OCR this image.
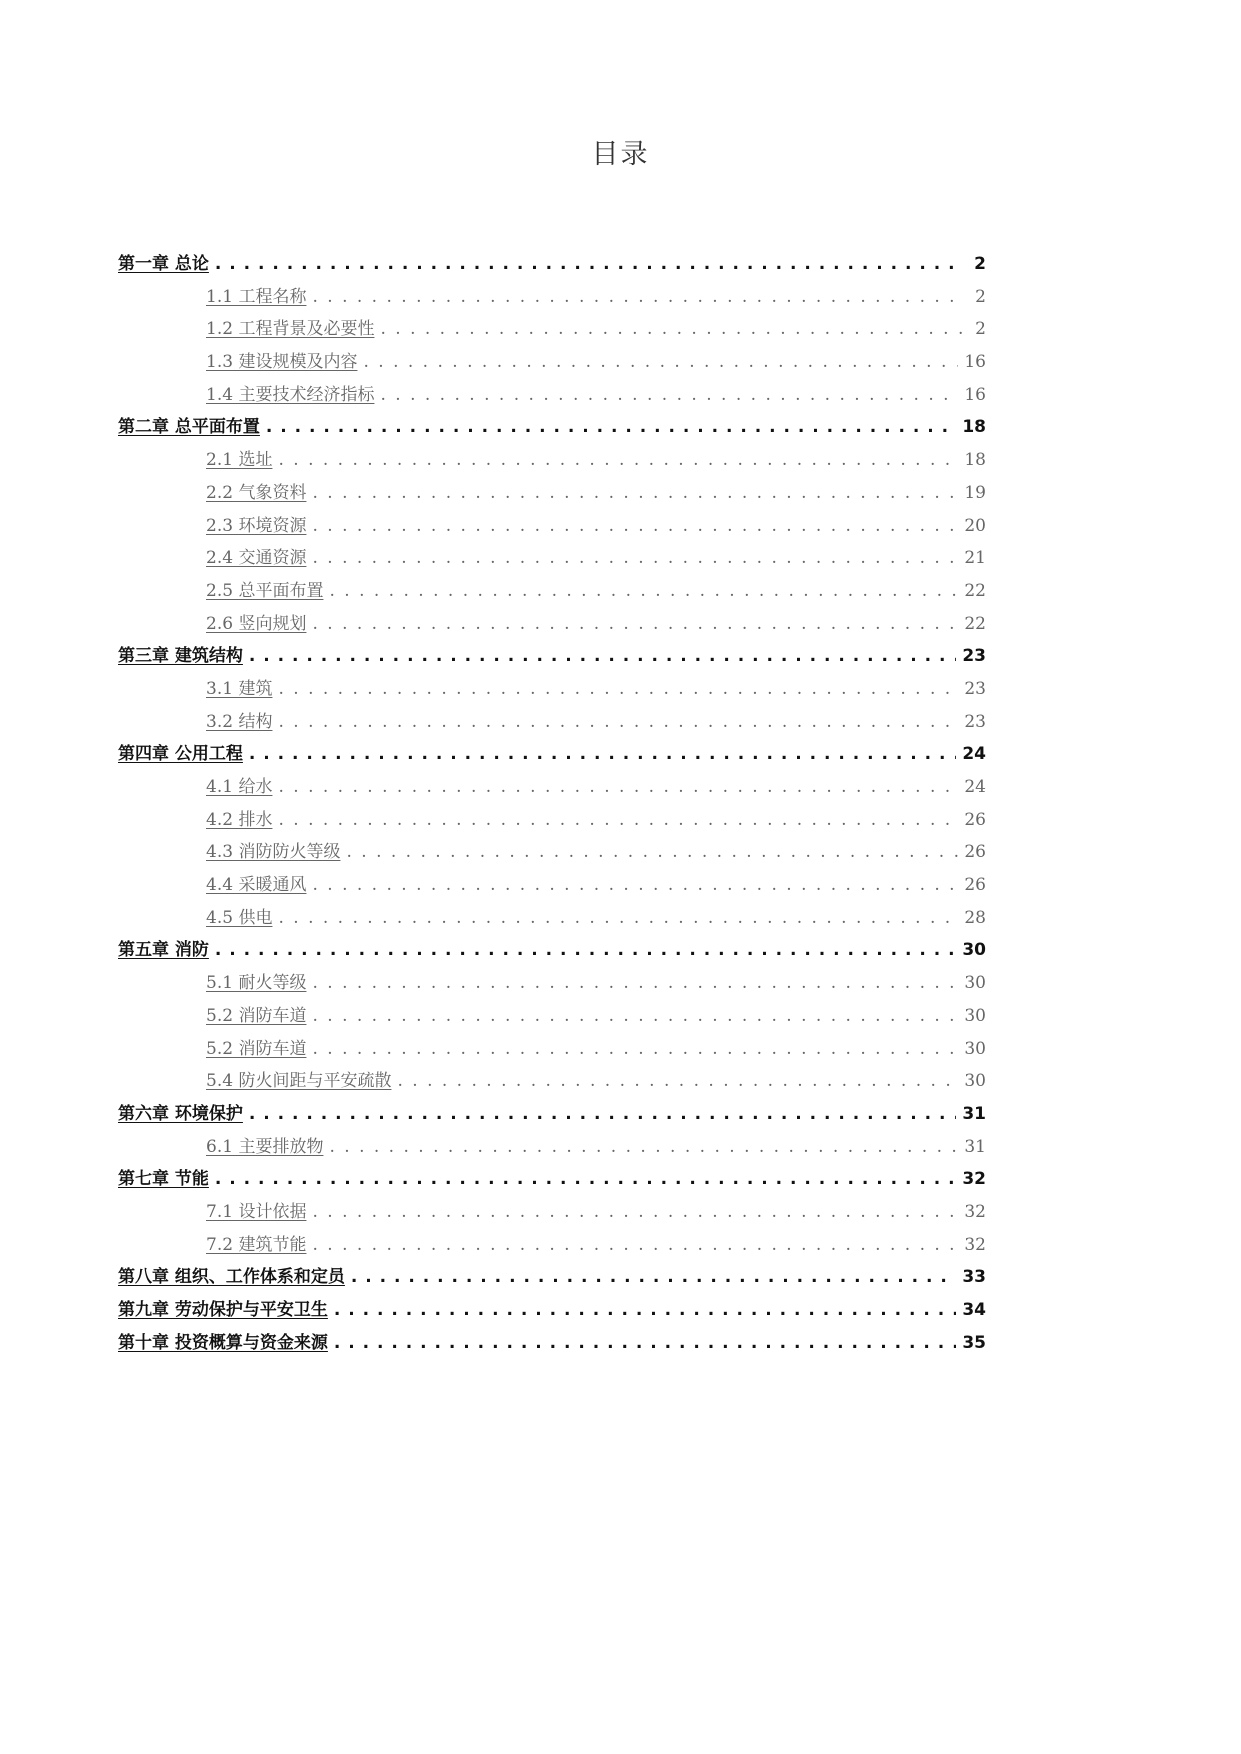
目录
第一章 总论 . . .	2
1.1 工程名称 . . .	2
1.2 工程背景及必要性 . . .	2
1.3 建设规模及内容 . . .	16
1.4 主要技术经济指标 . . .	16
第二章 总平面布置 . . .	18
2.1 选址 . . .	18
2.2 气象资料 . . .	19
2.3 环境资源 . . .	20
2.4 交通资源 . . .	21
2.5 总平面布置 . . .	22
2.6 竖向规划 . . .	22
第三章 建筑结构 . . .	23
3.1 建筑 . . .	23
3.2 结构 . . .	23
第四章 公用工程 . . .	24
4.1 给水 . . .	24
4.2 排水 . . .	26
4.3 消防防火等级 . . .	26
4.4 采暖通风 . . .	26
4.5 供电 . . .	28
第五章 消防 . . .	30
5.1 耐火等级 . . .	30
5.2 消防车道 . . .	30
5.2 消防车道 . . .	30
5.4 防火间距与平安疏散 . . .	30
第六章 环境保护 . . .	31
6.1 主要排放物 . . .	31
第七章 节能 . . .	32
7.1 设计依据 . . .	32
7.2 建筑节能 . . .	32
第八章 组织、工作体系和定员 . . .	33
第九章 劳动保护与平安卫生 . . .	34
第十章 投资概算与资金来源 . . .	35
